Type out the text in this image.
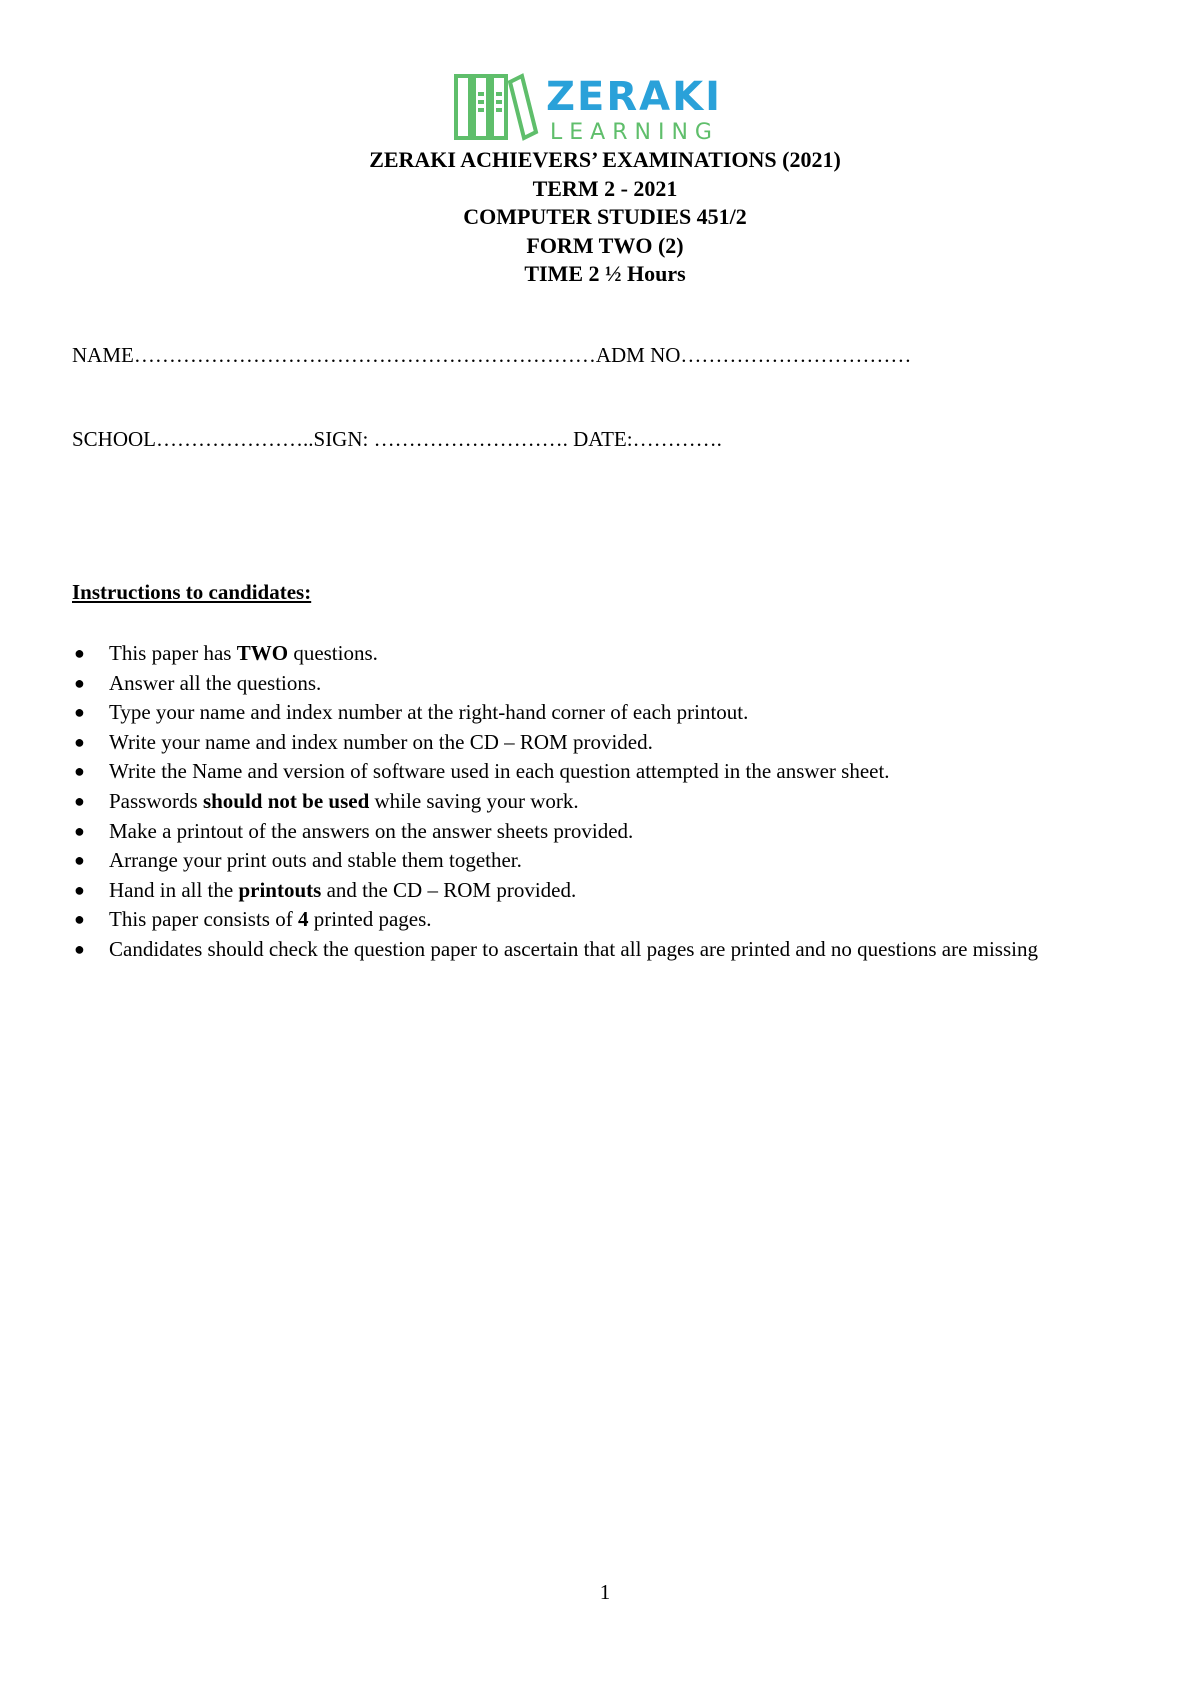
ZERAKI
LEARNING
ZERAKI ACHIEVERS’ EXAMINATIONS (2021)
TERM 2 - 2021
COMPUTER STUDIES 451/2
FORM TWO (2)
TIME 2 ½ Hours
NAME…………………………………………………………ADM NO……………………………
SCHOOL…………………..SIGN: ………………………. DATE:………….
Instructions to candidates:
● This paper has TWO questions.
● Answer all the questions.
● Type your name and index number at the right-hand corner of each printout.
● Write your name and index number on the CD – ROM provided.
● Write the Name and version of software used in each question attempted in the answer sheet.
● Passwords should not be used while saving your work.
● Make a printout of the answers on the answer sheets provided.
● Arrange your print outs and stable them together.
● Hand in all the printouts and the CD – ROM provided.
● This paper consists of 4 printed pages.
● Candidates should check the question paper to ascertain that all pages are printed and no questions are missing
1
